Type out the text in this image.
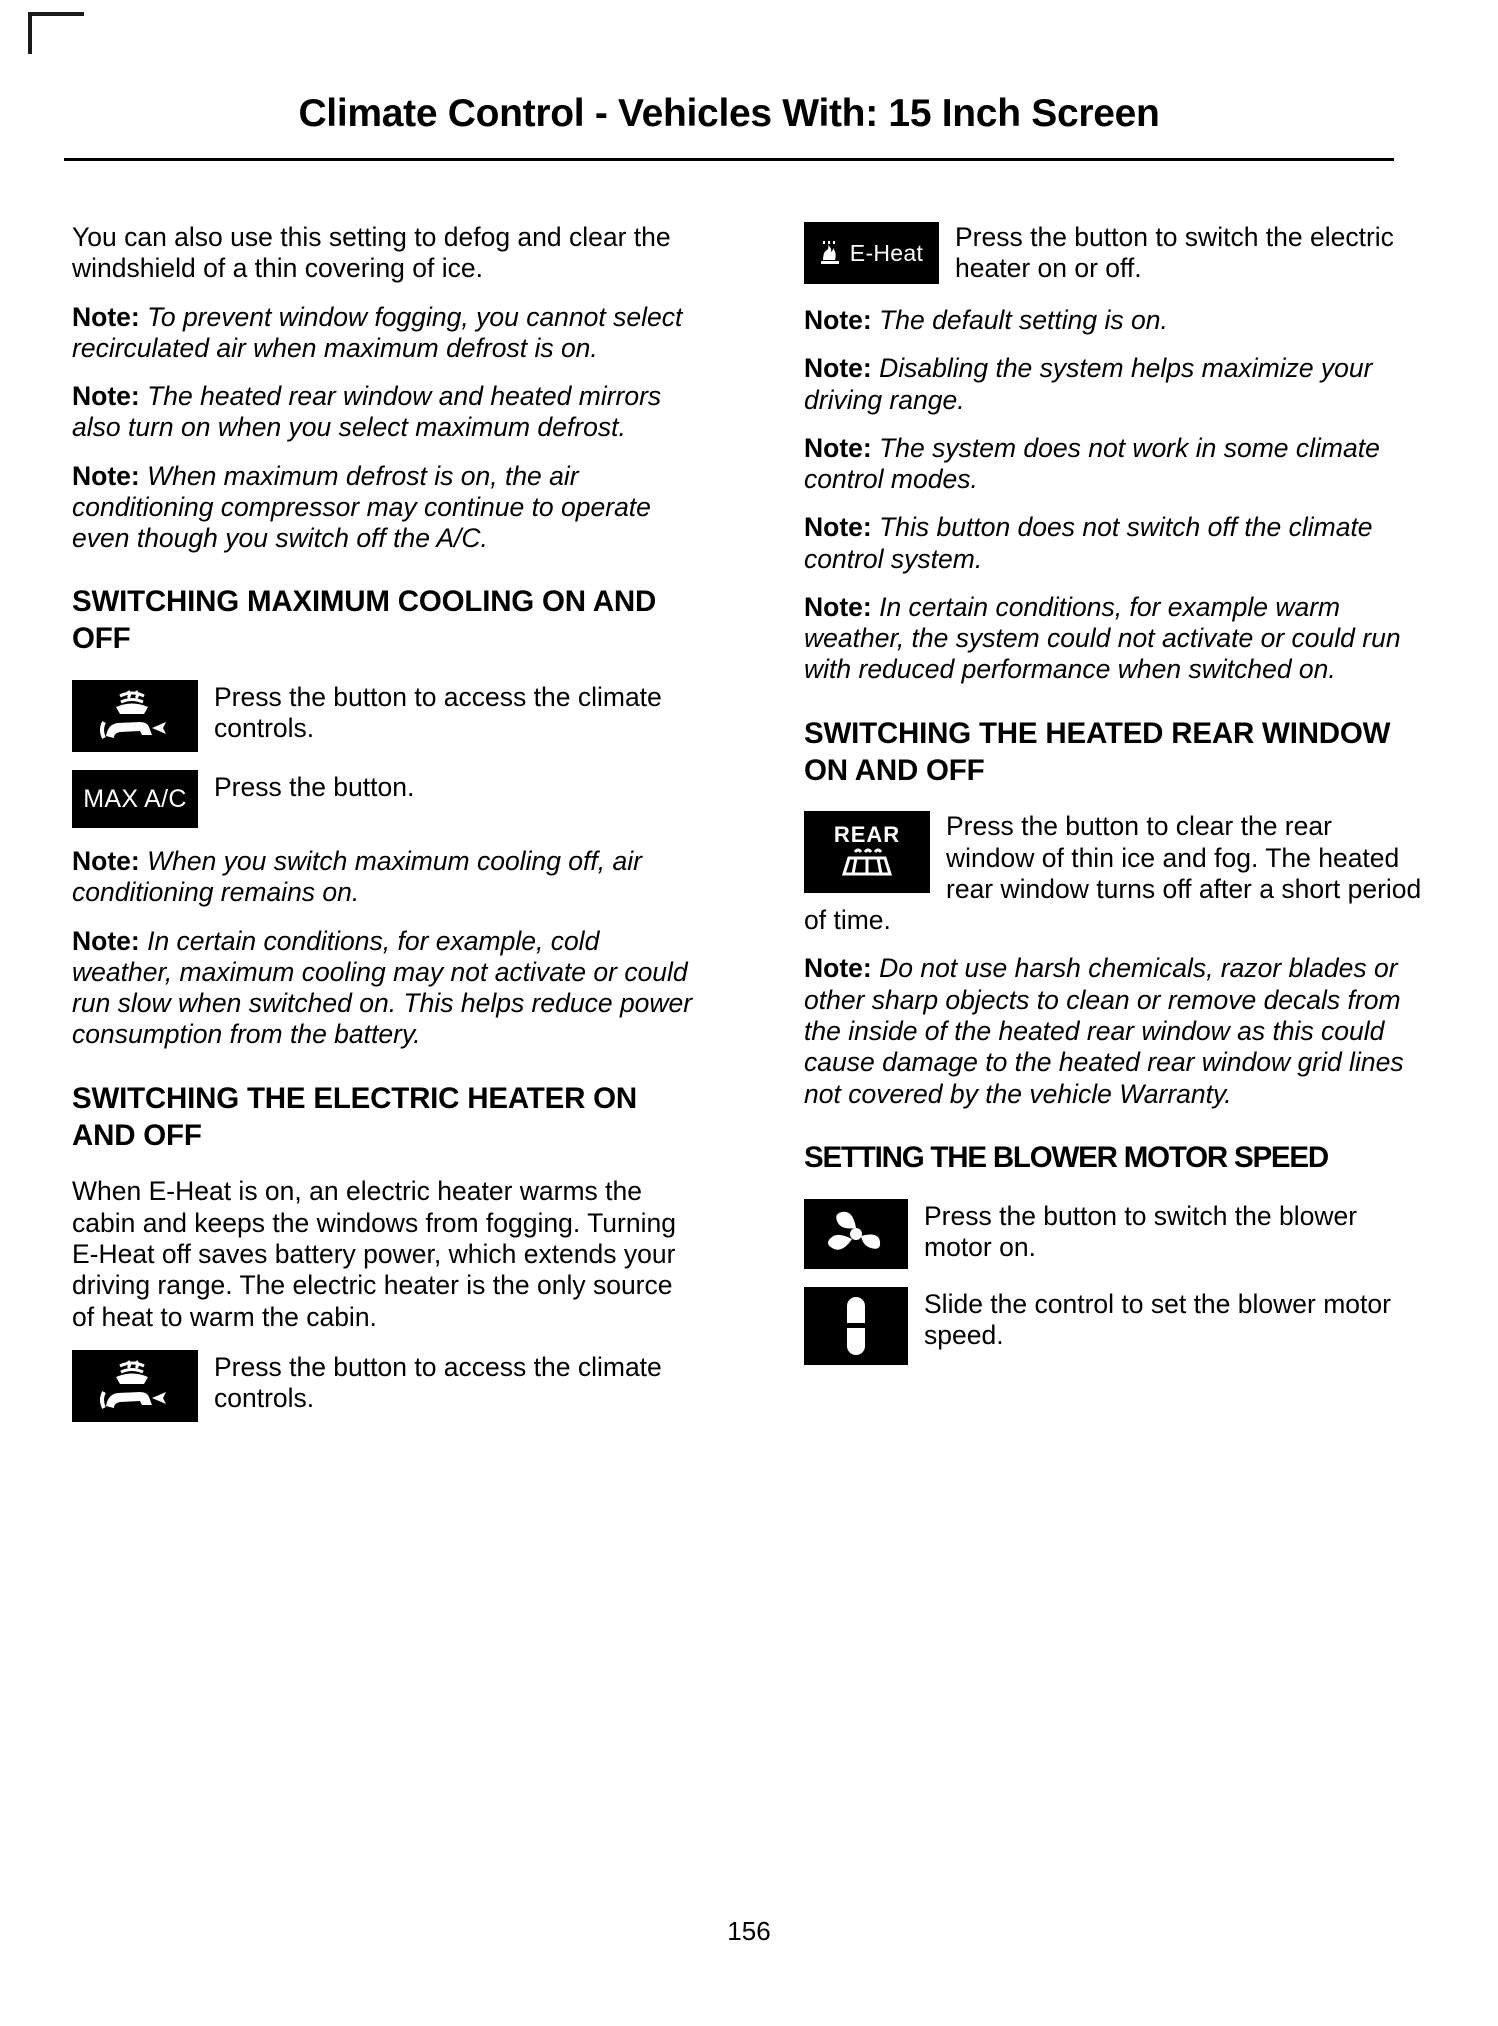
Climate Control - Vehicles With: 15 Inch Screen

You can also use this setting to defog and clear the windshield of a thin covering of ice.

Note: To prevent window fogging, you cannot select recirculated air when maximum defrost is on.

Note: The heated rear window and heated mirrors also turn on when you select maximum defrost.

Note: When maximum defrost is on, the air conditioning compressor may continue to operate even though you switch off the A/C.

SWITCHING MAXIMUM COOLING ON AND OFF
Press the button to access the climate controls.
MAX A/C Press the button.

Note: When you switch maximum cooling off, air conditioning remains on.

Note: In certain conditions, for example, cold weather, maximum cooling may not activate or could run slow when switched on. This helps reduce power consumption from the battery.

SWITCHING THE ELECTRIC HEATER ON AND OFF

When E-Heat is on, an electric heater warms the cabin and keeps the windows from fogging. Turning E-Heat off saves battery power, which extends your driving range. The electric heater is the only source of heat to warm the cabin.

Press the button to access the climate controls.
E-Heat
Press the button to switch the electric heater on or off.

Note: The default setting is on.

Note: Disabling the system helps maximize your driving range.

Note: The system does not work in some climate control modes.

Note: This button does not switch off the climate control system.

Note: In certain conditions, for example warm weather, the system could not activate or could run with reduced performance when switched on.

SWITCHING THE HEATED REAR WINDOW ON AND OFF
REAR	Press the button to clear the rear window of thin ice and fog. The heated rear window turns off after a short period of time.

Note: Do not use harsh chemicals, razor blades or other sharp objects to clean or remove decals from the inside of the heated rear window as this could cause damage to the heated rear window grid lines not covered by the vehicle Warranty.

SETTING THE BLOWER MOTOR SPEED
Press the button to switch the blower motor on.
Slide the control to set the blower motor speed.
156
